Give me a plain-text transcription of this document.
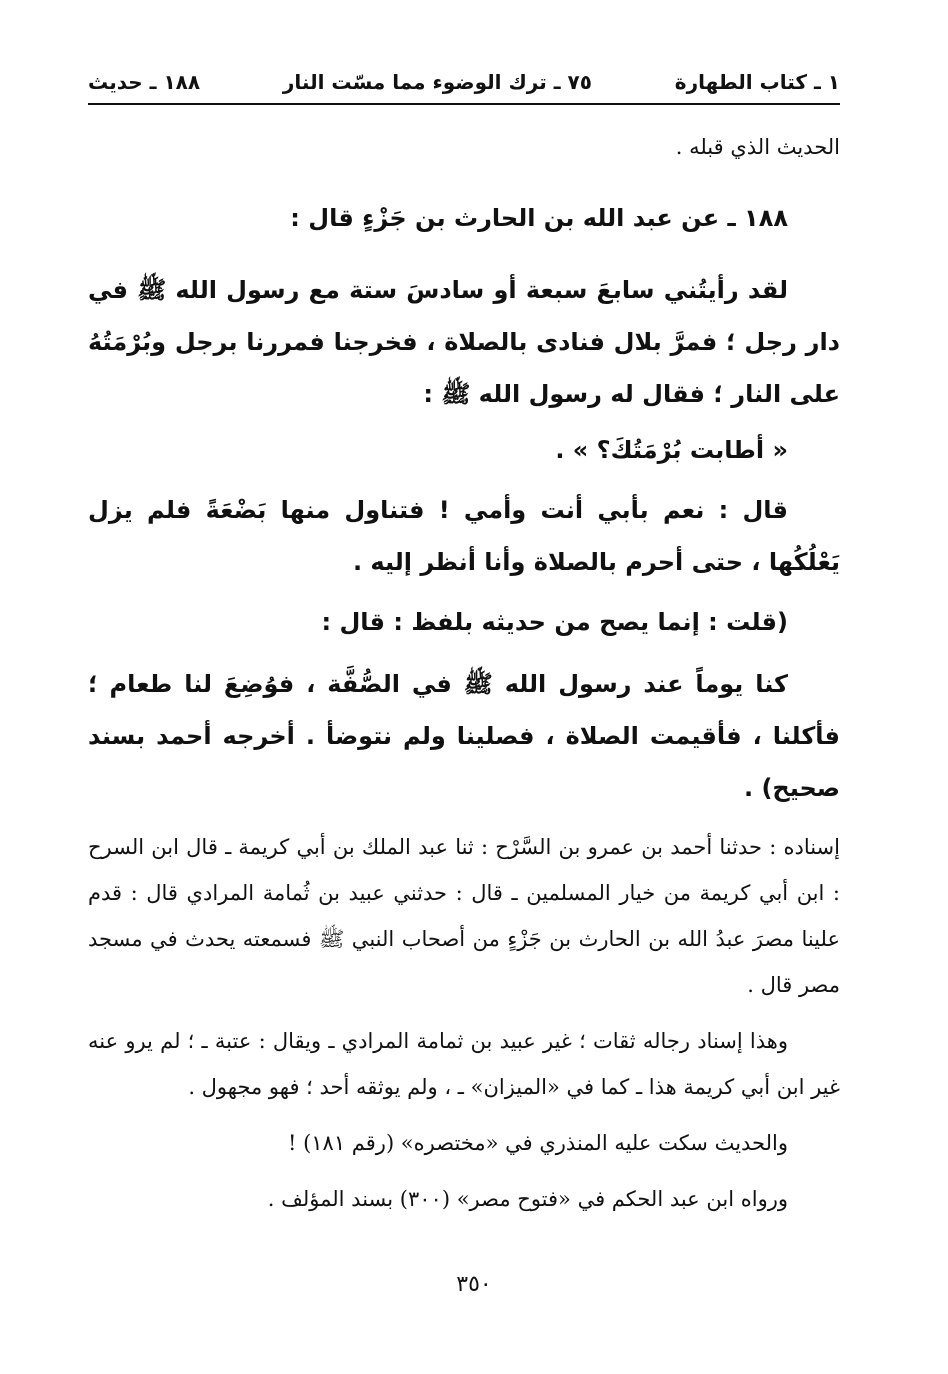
١ ـ كتاب الطهارة
٧٥ ـ ترك الوضوء مما مسّت النار
١٨٨ ـ حديث

الحديث الذي قبله .

١٨٨ ـ عن عبد الله بن الحارث بن جَزْءٍ قال :

لقد رأيتُني سابعَ سبعة أو سادسَ ستة مع رسول الله ﷺ في دار رجل ؛ فمرَّ بلال فنادى بالصلاة ، فخرجنا فمررنا برجل وبُرْمَتُهُ على النار ؛ فقال له رسول الله ﷺ :

« أطابت بُرْمَتُكَ؟ » .

قال : نعم بأبي أنت وأمي ! فتناول منها بَضْعَةً فلم يزل يَعْلُكُها ، حتى أحرم بالصلاة وأنا أنظر إليه .

(قلت : إنما يصح من حديثه بلفظ : قال :

كنا يوماً عند رسول الله ﷺ في الصُّفَّة ، فوُضِعَ لنا طعام ؛ فأكلنا ، فأقيمت الصلاة ، فصلينا ولم نتوضأ . أخرجه أحمد بسند صحيح) .

إسناده : حدثنا أحمد بن عمرو بن السَّرْح : ثنا عبد الملك بن أبي كريمة ـ قال ابن السرح : ابن أبي كريمة من خيار المسلمين ـ قال : حدثني عبيد بن ثُمامة المرادي قال : قدم علينا مصرَ عبدُ الله بن الحارث بن جَزْءٍ من أصحاب النبي ﷺ فسمعته يحدث في مسجد مصر قال .

وهذا إسناد رجاله ثقات ؛ غير عبيد بن ثمامة المرادي ـ ويقال : عتبة ـ ؛ لم يرو عنه غير ابن أبي كريمة هذا ـ كما في «الميزان» ـ ، ولم يوثقه أحد ؛ فهو مجهول .

والحديث سكت عليه المنذري في «مختصره» (رقم ١٨١) !

ورواه ابن عبد الحكم في «فتوح مصر» (٣٠٠) بسند المؤلف .

٣٥٠
